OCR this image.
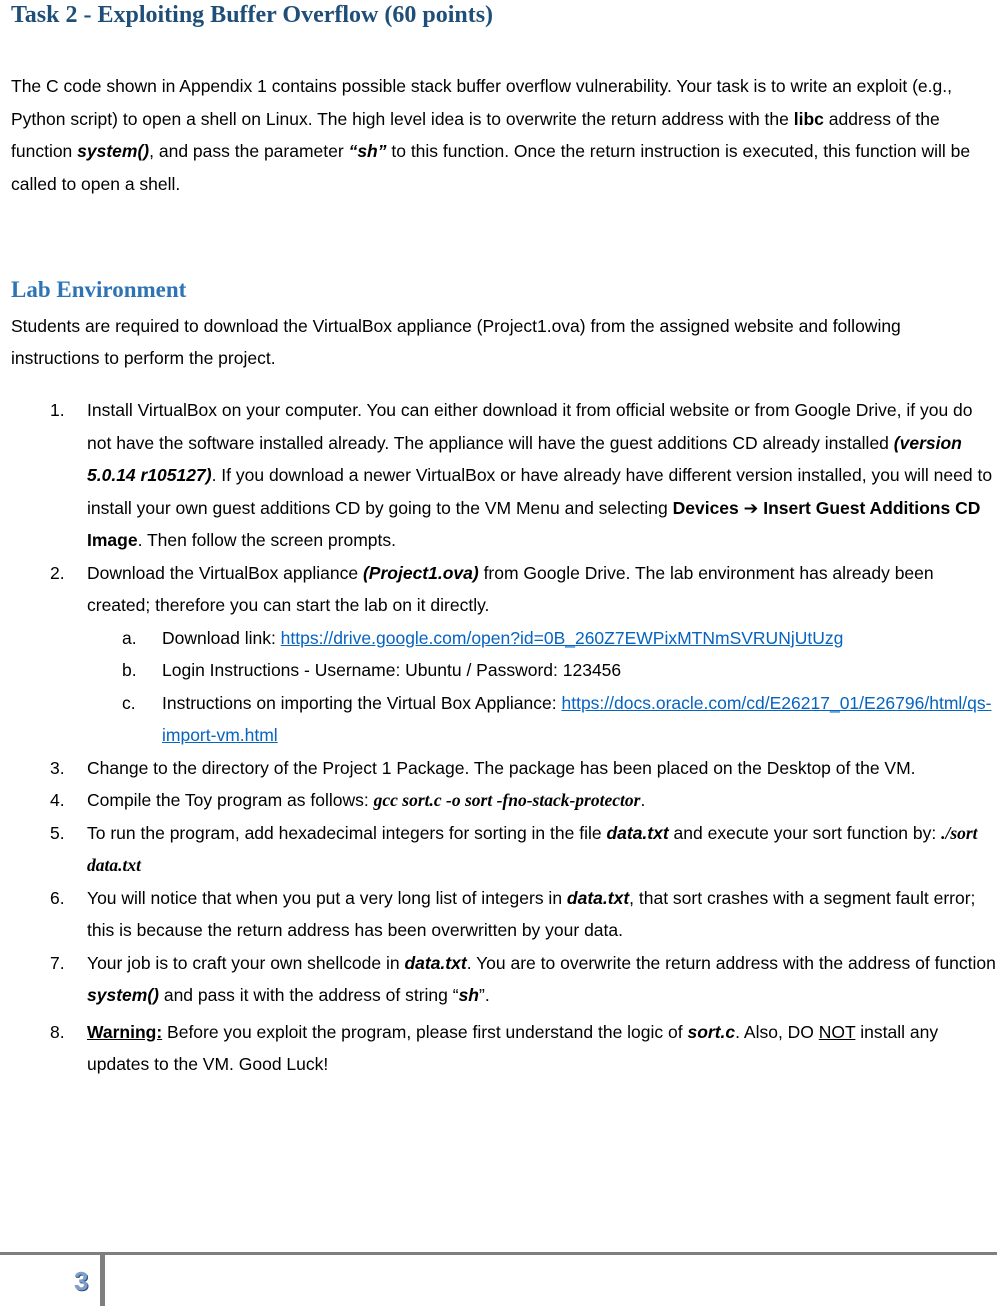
Task 2 - Exploiting Buffer Overflow (60 points)
The C code shown in Appendix 1 contains possible stack buffer overflow vulnerability. Your task is to write an exploit (e.g., Python script) to open a shell on Linux. The high level idea is to overwrite the return address with the libc address of the function system(), and pass the parameter “sh” to this function. Once the return instruction is executed, this function will be called to open a shell.
Lab Environment
Students are required to download the VirtualBox appliance (Project1.ova) from the assigned website and following instructions to perform the project.
1. Install VirtualBox on your computer. You can either download it from official website or from Google Drive, if you do not have the software installed already. The appliance will have the guest additions CD already installed (version 5.0.14 r105127). If you download a newer VirtualBox or have already have different version installed, you will need to install your own guest additions CD by going to the VM Menu and selecting Devices ➔ Insert Guest Additions CD Image. Then follow the screen prompts.
2. Download the VirtualBox appliance (Project1.ova) from Google Drive. The lab environment has already been created; therefore you can start the lab on it directly.
a. Download link: https://drive.google.com/open?id=0B_260Z7EWPixMTNmSVRUNjUtUzg
b. Login Instructions - Username: Ubuntu / Password: 123456
c. Instructions on importing the Virtual Box Appliance: https://docs.oracle.com/cd/E26217_01/E26796/html/qs-import-vm.html
3. Change to the directory of the Project 1 Package. The package has been placed on the Desktop of the VM.
4. Compile the Toy program as follows: gcc sort.c -o sort -fno-stack-protector.
5. To run the program, add hexadecimal integers for sorting in the file data.txt and execute your sort function by: ./sort data.txt
6. You will notice that when you put a very long list of integers in data.txt, that sort crashes with a segment fault error; this is because the return address has been overwritten by your data.
7. Your job is to craft your own shellcode in data.txt. You are to overwrite the return address with the address of function system() and pass it with the address of string “sh”.
8. Warning: Before you exploit the program, please first understand the logic of sort.c. Also, DO NOT install any updates to the VM. Good Luck!
3
